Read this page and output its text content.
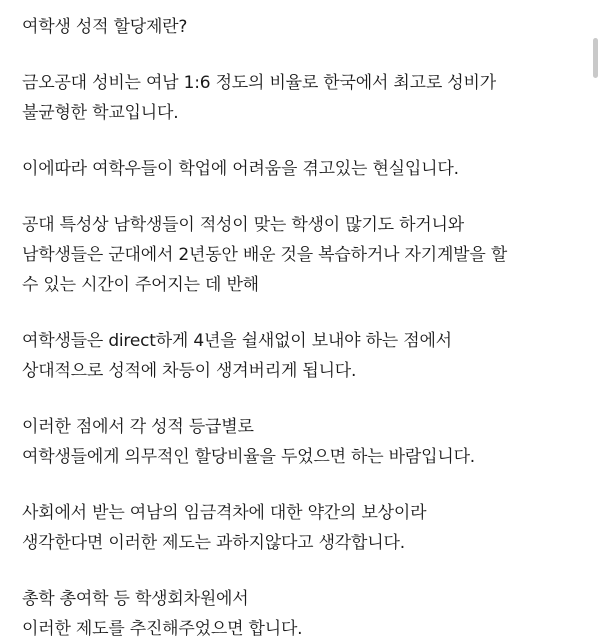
여학생 성적 할당제란?
금오공대 성비는 여남 1:6 정도의 비율로 한국에서 최고로 성비가
불균형한 학교입니다.
이에따라 여학우들이 학업에 어려움을 겪고있는 현실입니다.
공대 특성상 남학생들이 적성이 맞는 학생이 많기도 하거니와
남학생들은 군대에서 2년동안 배운 것을 복습하거나 자기계발을 할
수 있는 시간이 주어지는 데 반해
여학생들은 direct하게 4년을 쉴새없이 보내야 하는 점에서
상대적으로 성적에 차등이 생겨버리게 됩니다.
이러한 점에서 각 성적 등급별로
여학생들에게 의무적인 할당비율을 두었으면 하는 바람입니다.
사회에서 받는 여남의 임금격차에 대한 약간의 보상이라
생각한다면 이러한 제도는 과하지않다고 생각합니다.
총학 총여학 등 학생회차원에서
이러한 제도를 추진해주었으면 합니다.
